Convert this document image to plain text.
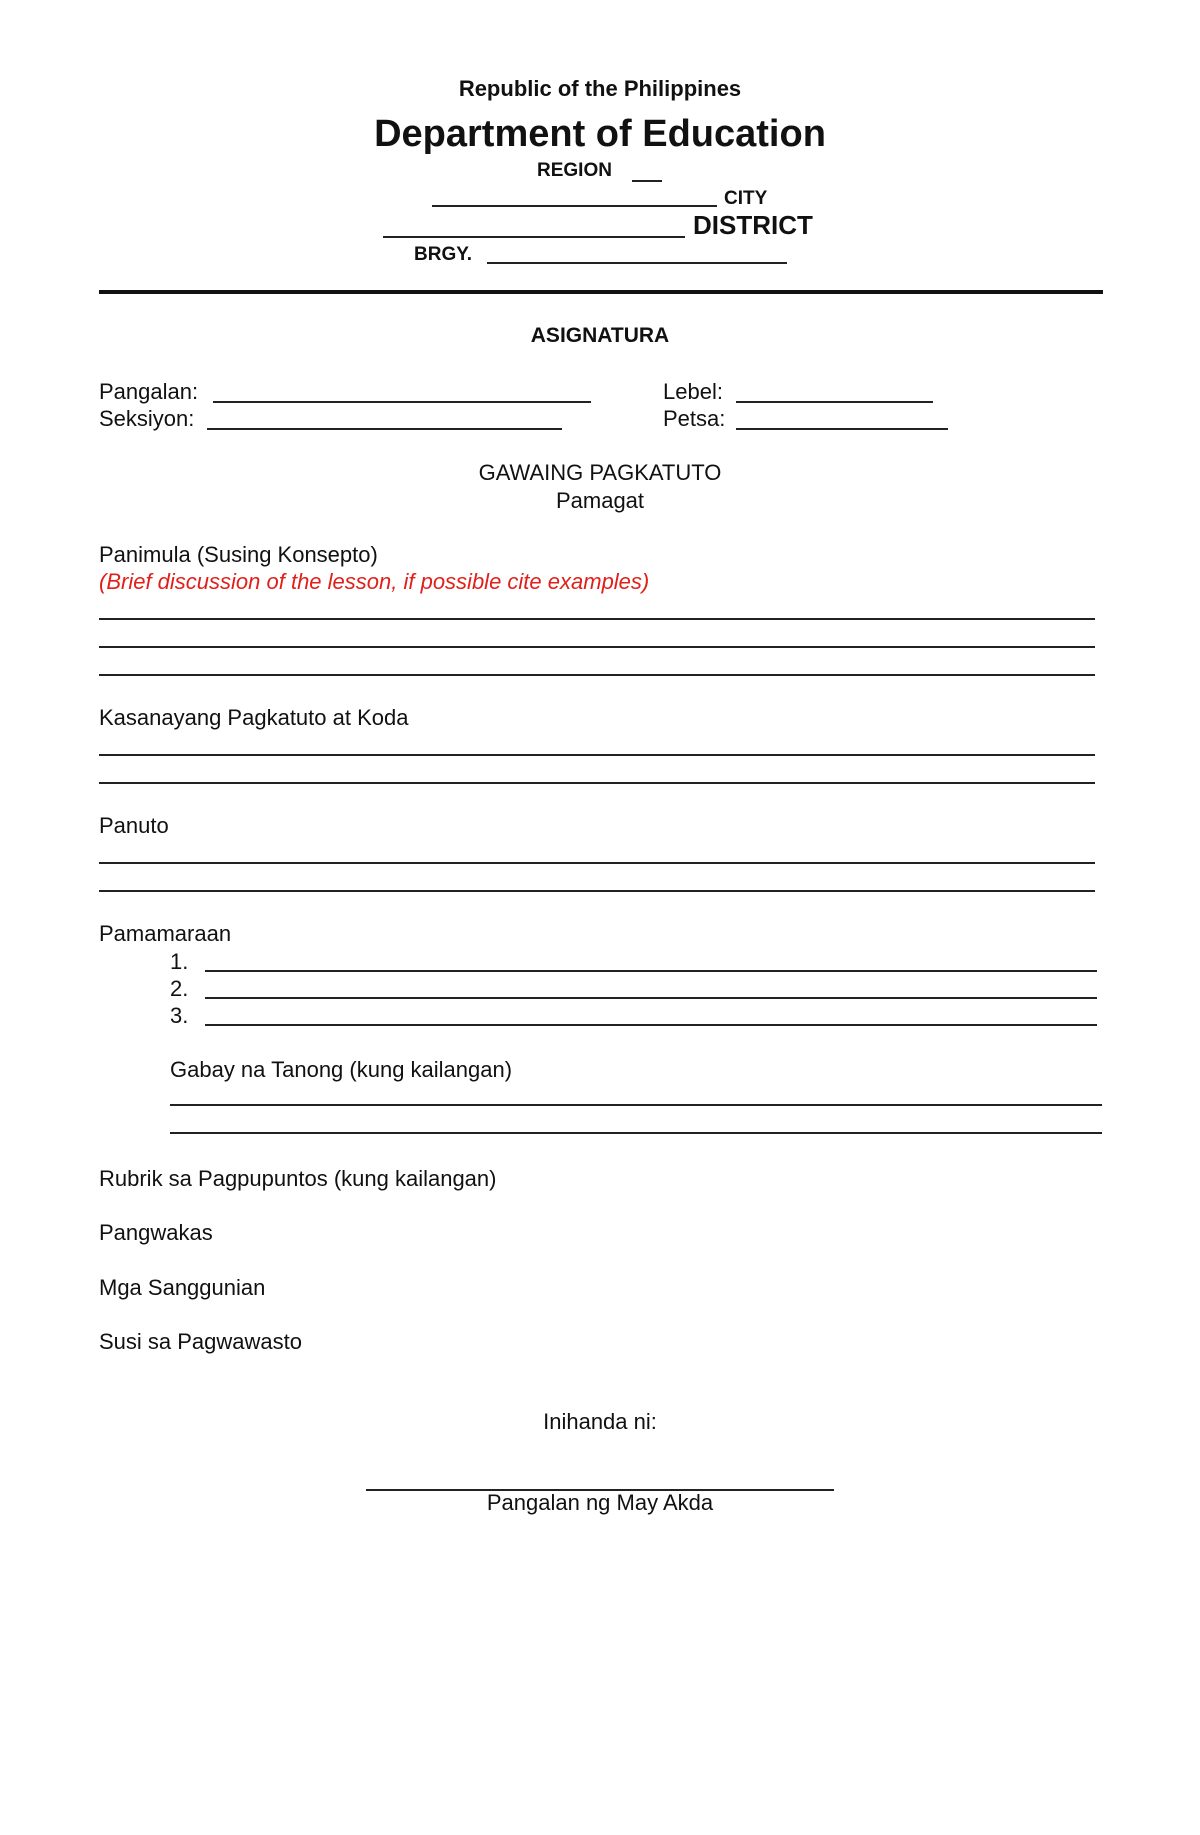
Republic of the Philippines
Department of Education
REGION
CITY
DISTRICT
BRGY.
ASIGNATURA
Pangalan:
Seksiyon:
Lebel:
Petsa:
GAWAING PAGKATUTO
Pamagat
Panimula (Susing Konsepto)
(Brief discussion of the lesson, if possible cite examples)
Kasanayang Pagkatuto at Koda
Panuto
Pamamaraan
1.
2.
3.
Gabay na Tanong (kung kailangan)
Rubrik sa Pagpupuntos (kung kailangan)
Pangwakas
Mga Sanggunian
Susi sa Pagwawasto
Inihanda ni:
Pangalan ng May Akda
